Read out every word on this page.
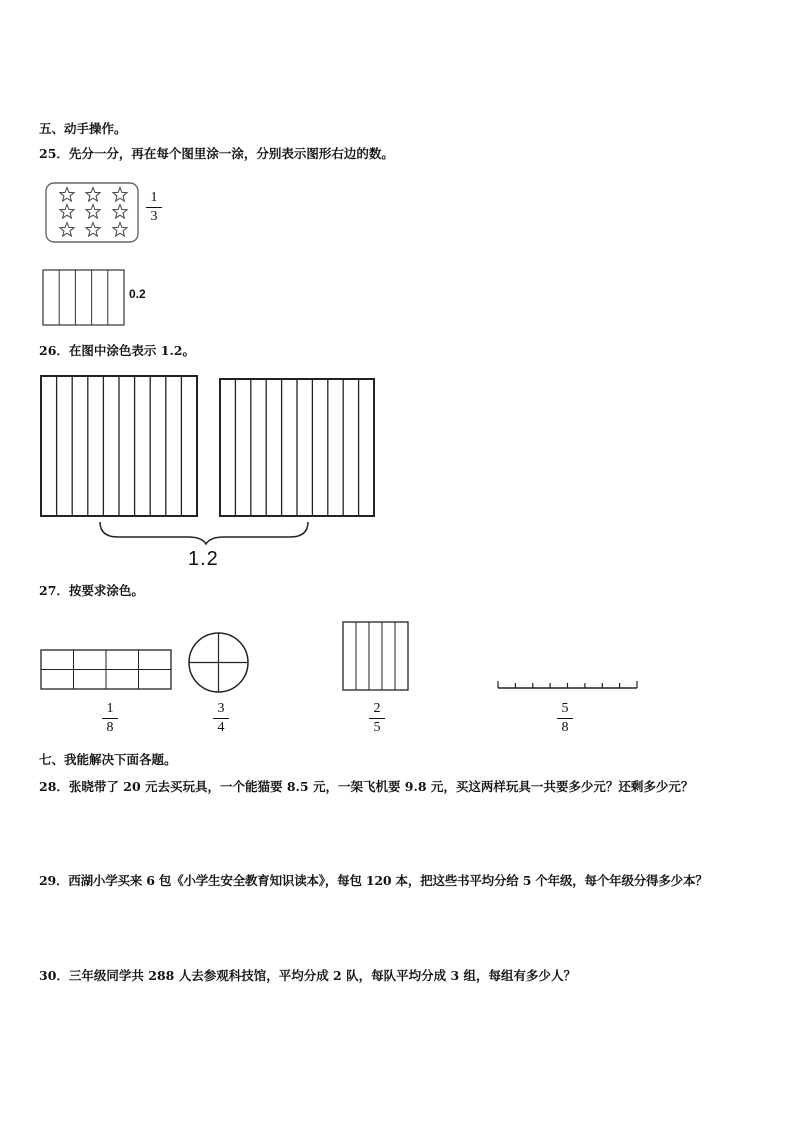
五、动手操作。
25．先分一分，再在每个图里涂一涂，分别表示图形右边的数。
1
3
0.2
26．在图中涂色表示 1.2。
1.2
27．按要求涂色。
1
8
3
4
2
5
5
8
七、我能解决下面各题。
28．张晓带了 20 元去买玩具，一个能猫要 8.5 元，一架飞机要 9.8 元，买这两样玩具一共要多少元？还剩多少元？
29．西湖小学买来 6 包《小学生安全教育知识读本》，每包 120 本，把这些书平均分给 5 个年级，每个年级分得多少本？
30．三年级同学共 288 人去参观科技馆，平均分成 2 队，每队平均分成 3 组，每组有多少人？
